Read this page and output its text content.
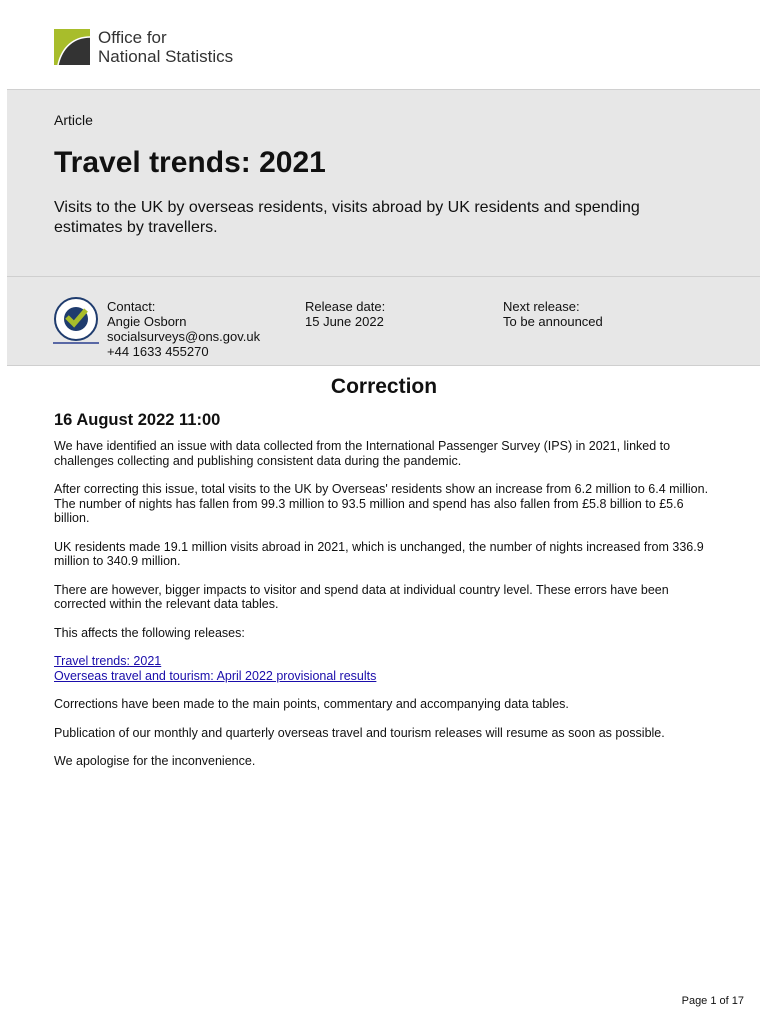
Office for
National Statistics
Article
Travel trends: 2021
Visits to the UK by overseas residents, visits abroad by UK residents and spending estimates by travellers.
Contact:
Angie Osborn
socialsurveys@ons.gov.uk
+44 1633 455270
Release date:
15 June 2022
Next release:
To be announced
Correction
16 August 2022 11:00

We have identified an issue with data collected from the International Passenger Survey (IPS) in 2021, linked to challenges collecting and publishing consistent data during the pandemic.

After correcting this issue, total visits to the UK by Overseas' residents show an increase from 6.2 million to 6.4 million. The number of nights has fallen from 99.3 million to 93.5 million and spend has also fallen from £5.8 billion to £5.6 billion.

UK residents made 19.1 million visits abroad in 2021, which is unchanged, the number of nights increased from 336.9 million to 340.9 million.

There are however, bigger impacts to visitor and spend data at individual country level. These errors have been corrected within the relevant data tables.

This affects the following releases:

Travel trends: 2021
Overseas travel and tourism: April 2022 provisional results

Corrections have been made to the main points, commentary and accompanying data tables.

Publication of our monthly and quarterly overseas travel and tourism releases will resume as soon as possible.

We apologise for the inconvenience.

Page 1 of 17
